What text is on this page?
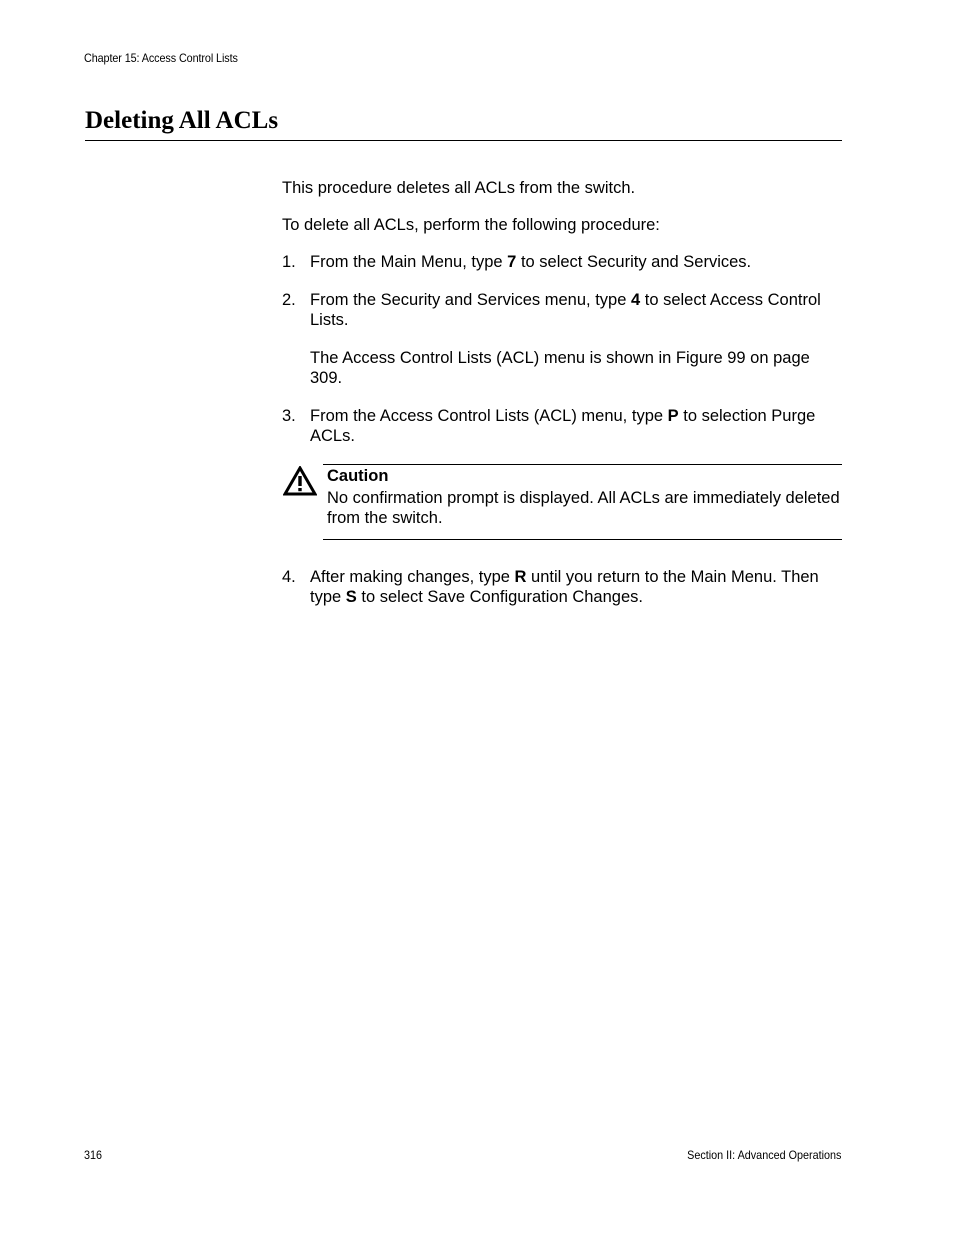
Chapter 15: Access Control Lists
Deleting All ACLs

This procedure deletes all ACLs from the switch.

To delete all ACLs, perform the following procedure:

1. From the Main Menu, type 7 to select Security and Services.
2. From the Security and Services menu, type 4 to select Access Control Lists.

The Access Control Lists (ACL) menu is shown in Figure 99 on page 309.

3. From the Access Control Lists (ACL) menu, type P to selection Purge ACLs.
Caution
No confirmation prompt is displayed. All ACLs are immediately deleted from the switch.
4. After making changes, type R until you return to the Main Menu. Then type S to select Save Configuration Changes.
316	Section II: Advanced Operations
